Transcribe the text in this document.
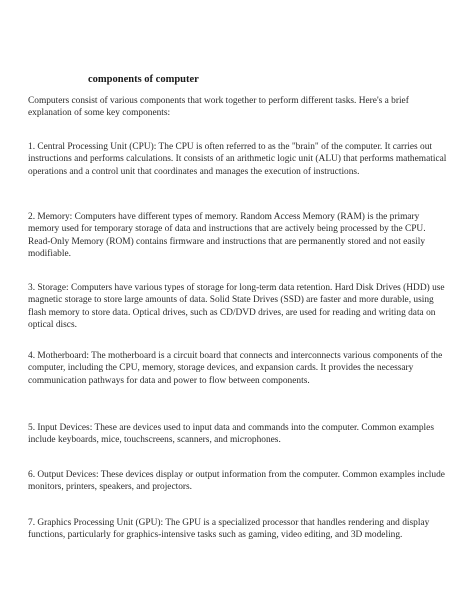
components of computer

Computers consist of various components that work together to perform different tasks. Here's a brief explanation of some key components:

1. Central Processing Unit (CPU): The CPU is often referred to as the "brain" of the computer. It carries out instructions and performs calculations. It consists of an arithmetic logic unit (ALU) that performs mathematical operations and a control unit that coordinates and manages the execution of instructions.

2. Memory: Computers have different types of memory. Random Access Memory (RAM) is the primary memory used for temporary storage of data and instructions that are actively being processed by the CPU. Read-Only Memory (ROM) contains firmware and instructions that are permanently stored and not easily modifiable.

3. Storage: Computers have various types of storage for long-term data retention. Hard Disk Drives (HDD) use magnetic storage to store large amounts of data. Solid State Drives (SSD) are faster and more durable, using flash memory to store data. Optical drives, such as CD/DVD drives, are used for reading and writing data on optical discs.

4. Motherboard: The motherboard is a circuit board that connects and interconnects various components of the computer, including the CPU, memory, storage devices, and expansion cards. It provides the necessary communication pathways for data and power to flow between components.

5. Input Devices: These are devices used to input data and commands into the computer. Common examples include keyboards, mice, touchscreens, scanners, and microphones.

6. Output Devices: These devices display or output information from the computer. Common examples include monitors, printers, speakers, and projectors.

7. Graphics Processing Unit (GPU): The GPU is a specialized processor that handles rendering and display functions, particularly for graphics-intensive tasks such as gaming, video editing, and 3D modeling.
